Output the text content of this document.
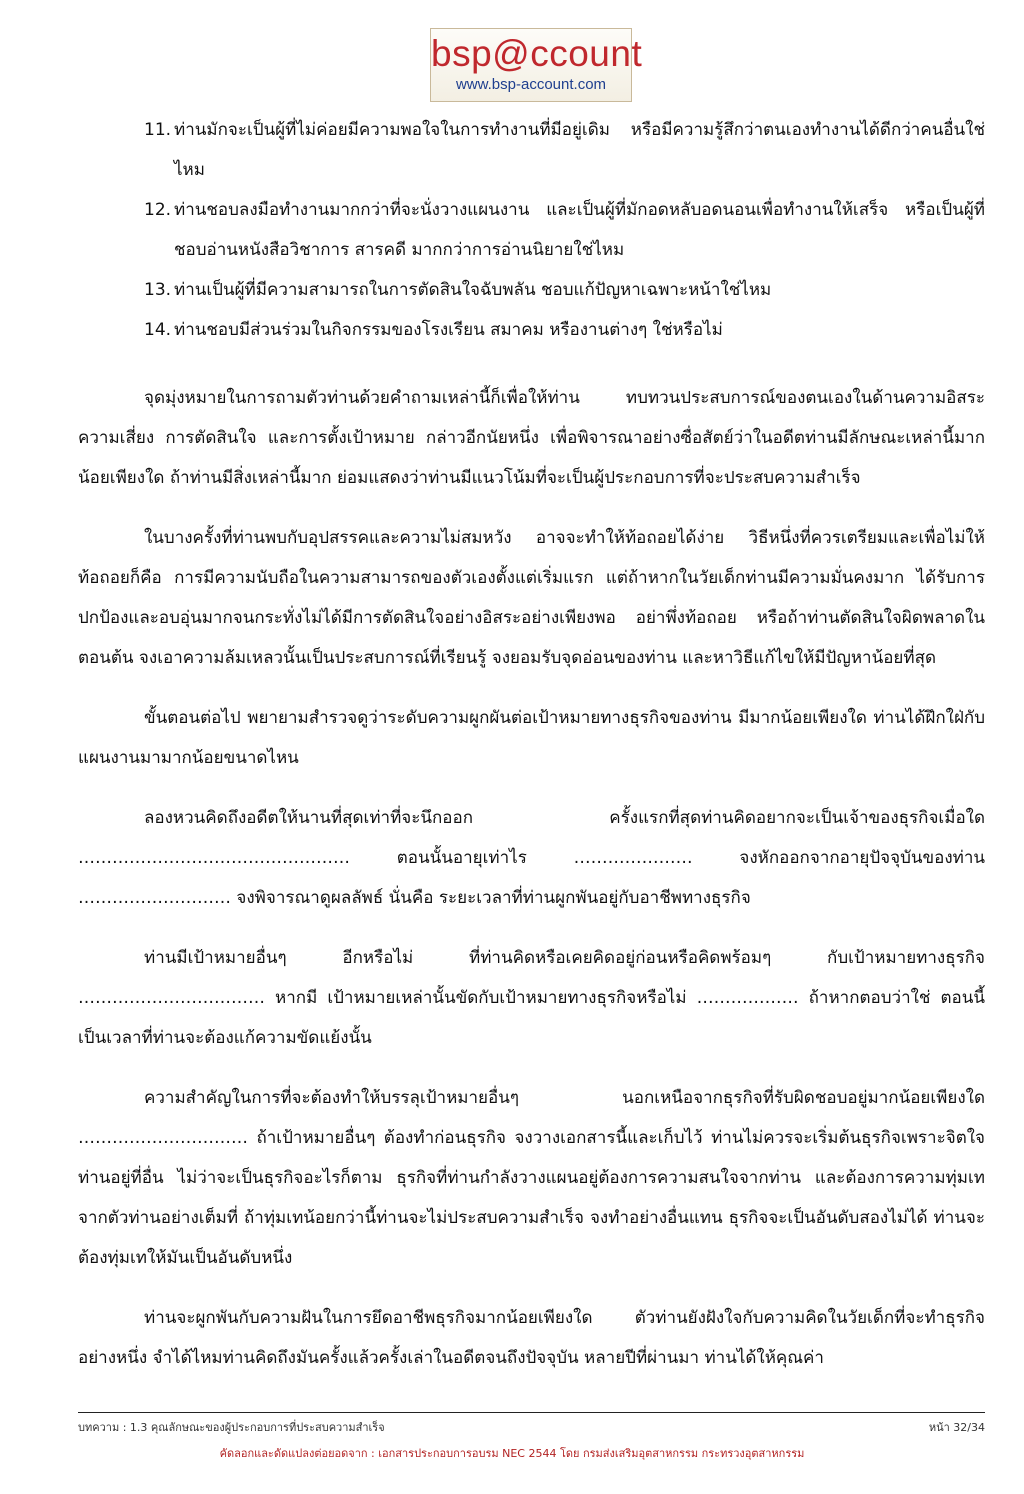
bsp@ccount
www.bsp-account.com
11. ท่านมักจะเป็นผู้ที่ไม่ค่อยมีความพอใจในการทำงานที่มีอยู่เดิม หรือมีความรู้สึกว่าตนเองทำงานได้ดีกว่าคนอื่นใช่ไหม
12. ท่านชอบลงมือทำงานมากกว่าที่จะนั่งวางแผนงาน และเป็นผู้ที่มักอดหลับอดนอนเพื่อทำงานให้เสร็จ หรือเป็นผู้ที่ชอบอ่านหนังสือวิชาการ สารคดี มากกว่าการอ่านนิยายใช่ไหม
13. ท่านเป็นผู้ที่มีความสามารถในการตัดสินใจฉับพลัน ชอบแก้ปัญหาเฉพาะหน้าใช่ไหม
14. ท่านชอบมีส่วนร่วมในกิจกรรมของโรงเรียน สมาคม หรืองานต่างๆ ใช่หรือไม่

จุดมุ่งหมายในการถามตัวท่านด้วยคำถามเหล่านี้ก็เพื่อให้ท่าน ทบทวนประสบการณ์ของตนเองในด้านความอิสระ ความเสี่ยง การตัดสินใจ และการตั้งเป้าหมาย กล่าวอีกนัยหนึ่ง เพื่อพิจารณาอย่างซื่อสัตย์ว่าในอดีตท่านมีลักษณะเหล่านี้มากน้อยเพียงใด ถ้าท่านมีสิ่งเหล่านี้มาก ย่อมแสดงว่าท่านมีแนวโน้มที่จะเป็นผู้ประกอบการที่จะประสบความสำเร็จ

ในบางครั้งที่ท่านพบกับอุปสรรคและความไม่สมหวัง อาจจะทำให้ท้อถอยได้ง่าย วิธีหนึ่งที่ควรเตรียมและเพื่อไม่ให้ท้อถอยก็คือ การมีความนับถือในความสามารถของตัวเองตั้งแต่เริ่มแรก แต่ถ้าหากในวัยเด็กท่านมีความมั่นคงมาก ได้รับการปกป้องและอบอุ่นมากจนกระทั่งไม่ได้มีการตัดสินใจอย่างอิสระอย่างเพียงพอ อย่าพึ่งท้อถอย หรือถ้าท่านตัดสินใจผิดพลาดในตอนต้น จงเอาความล้มเหลวนั้นเป็นประสบการณ์ที่เรียนรู้ จงยอมรับจุดอ่อนของท่าน และหาวิธีแก้ไขให้มีปัญหาน้อยที่สุด

ขั้นตอนต่อไป พยายามสำรวจดูว่าระดับความผูกผันต่อเป้าหมายทางธุรกิจของท่าน มีมากน้อยเพียงใด ท่านได้ฝึกใฝ่กับแผนงานมามากน้อยขนาดไหน

ลองหวนคิดถึงอดีตให้นานที่สุดเท่าที่จะนึกออก ครั้งแรกที่สุดท่านคิดอยากจะเป็นเจ้าของธุรกิจเมื่อใด ………………………………………… ตอนนั้นอายุเท่าไร ………………… จงหักออกจากอายุปัจจุบันของท่าน ……………………… จงพิจารณาดูผลลัพธ์ นั่นคือ ระยะเวลาที่ท่านผูกพันอยู่กับอาชีพทางธุรกิจ

ท่านมีเป้าหมายอื่นๆ อีกหรือไม่ ที่ท่านคิดหรือเคยคิดอยู่ก่อนหรือคิดพร้อมๆ กับเป้าหมายทางธุรกิจ …………………………… หากมี เป้าหมายเหล่านั้นขัดกับเป้าหมายทางธุรกิจหรือไม่ ……………… ถ้าหากตอบว่าใช่ ตอนนี้เป็นเวลาที่ท่านจะต้องแก้ความขัดแย้งนั้น

ความสำคัญในการที่จะต้องทำให้บรรลุเป้าหมายอื่นๆ นอกเหนือจากธุรกิจที่รับผิดชอบอยู่มากน้อยเพียงใด ………………………… ถ้าเป้าหมายอื่นๆ ต้องทำก่อนธุรกิจ จงวางเอกสารนี้และเก็บไว้ ท่านไม่ควรจะเริ่มต้นธุรกิจเพราะจิตใจท่านอยู่ที่อื่น ไม่ว่าจะเป็นธุรกิจอะไรก็ตาม ธุรกิจที่ท่านกำลังวางแผนอยู่ต้องการความสนใจจากท่าน และต้องการความทุ่มเทจากตัวท่านอย่างเต็มที่ ถ้าทุ่มเทน้อยกว่านี้ท่านจะไม่ประสบความสำเร็จ จงทำอย่างอื่นแทน ธุรกิจจะเป็นอันดับสองไม่ได้ ท่านจะต้องทุ่มเทให้มันเป็นอันดับหนึ่ง

ท่านจะผูกพันกับความฝันในการยึดอาชีพธุรกิจมากน้อยเพียงใด ตัวท่านยังฝังใจกับความคิดในวัยเด็กที่จะทำธุรกิจอย่างหนึ่ง จำได้ไหมท่านคิดถึงมันครั้งแล้วครั้งเล่าในอดีตจนถึงปัจจุบัน หลายปีที่ผ่านมา ท่านได้ให้คุณค่า

บทความ : 1.3 คุณลักษณะของผู้ประกอบการที่ประสบความสำเร็จ	หน้า 32/34
คัดลอกและดัดแปลงต่อยอดจาก : เอกสารประกอบการอบรม NEC 2544 โดย กรมส่งเสริมอุตสาหกรรม กระทรวงอุตสาหกรรม
